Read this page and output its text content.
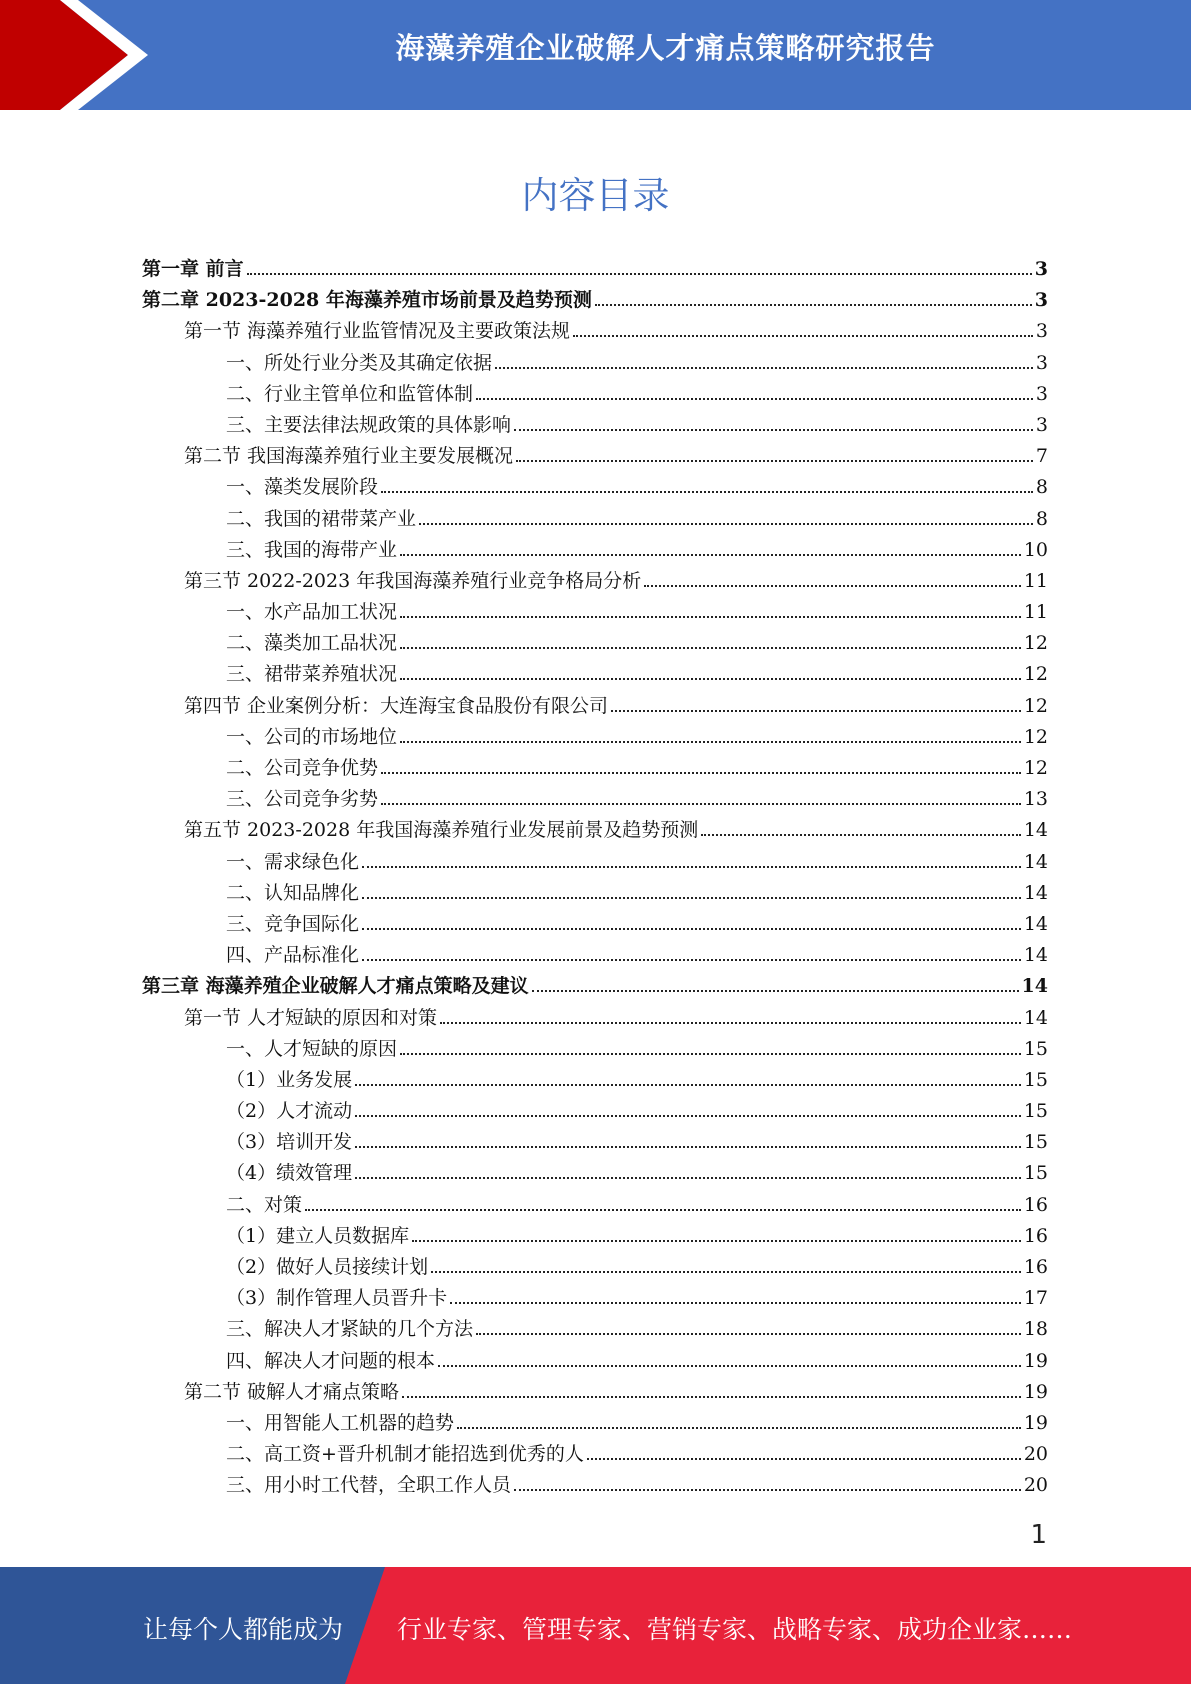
海藻养殖企业破解人才痛点策略研究报告
内容目录
第一章 前言	3
第二章 2023-2028 年海藻养殖市场前景及趋势预测	3
第一节 海藻养殖行业监管情况及主要政策法规	3
一、所处行业分类及其确定依据	3
二、行业主管单位和监管体制	3
三、主要法律法规政策的具体影响	3
第二节 我国海藻养殖行业主要发展概况	7
一、藻类发展阶段	8
二、我国的裙带菜产业	8
三、我国的海带产业	10
第三节 2022-2023 年我国海藻养殖行业竞争格局分析	11
一、水产品加工状况	11
二、藻类加工品状况	12
三、裙带菜养殖状况	12
第四节 企业案例分析：大连海宝食品股份有限公司	12
一、公司的市场地位	12
二、公司竞争优势	12
三、公司竞争劣势	13
第五节 2023-2028 年我国海藻养殖行业发展前景及趋势预测	14
一、需求绿色化	14
二、认知品牌化	14
三、竞争国际化	14
四、产品标准化	14
第三章 海藻养殖企业破解人才痛点策略及建议	14
第一节 人才短缺的原因和对策	14
一、人才短缺的原因	15
（1）业务发展	15
（2）人才流动	15
（3）培训开发	15
（4）绩效管理	15
二、对策	16
（1）建立人员数据库	16
（2）做好人员接续计划	16
（3）制作管理人员晋升卡	17
三、解决人才紧缺的几个方法	18
四、解决人才问题的根本	19
第二节 破解人才痛点策略	19
一、用智能人工机器的趋势	19
二、高工资+晋升机制才能招选到优秀的人	20
三、用小时工代替，全职工作人员	20
1
让每个人都能成为 行业专家、管理专家、营销专家、战略专家、成功企业家……
